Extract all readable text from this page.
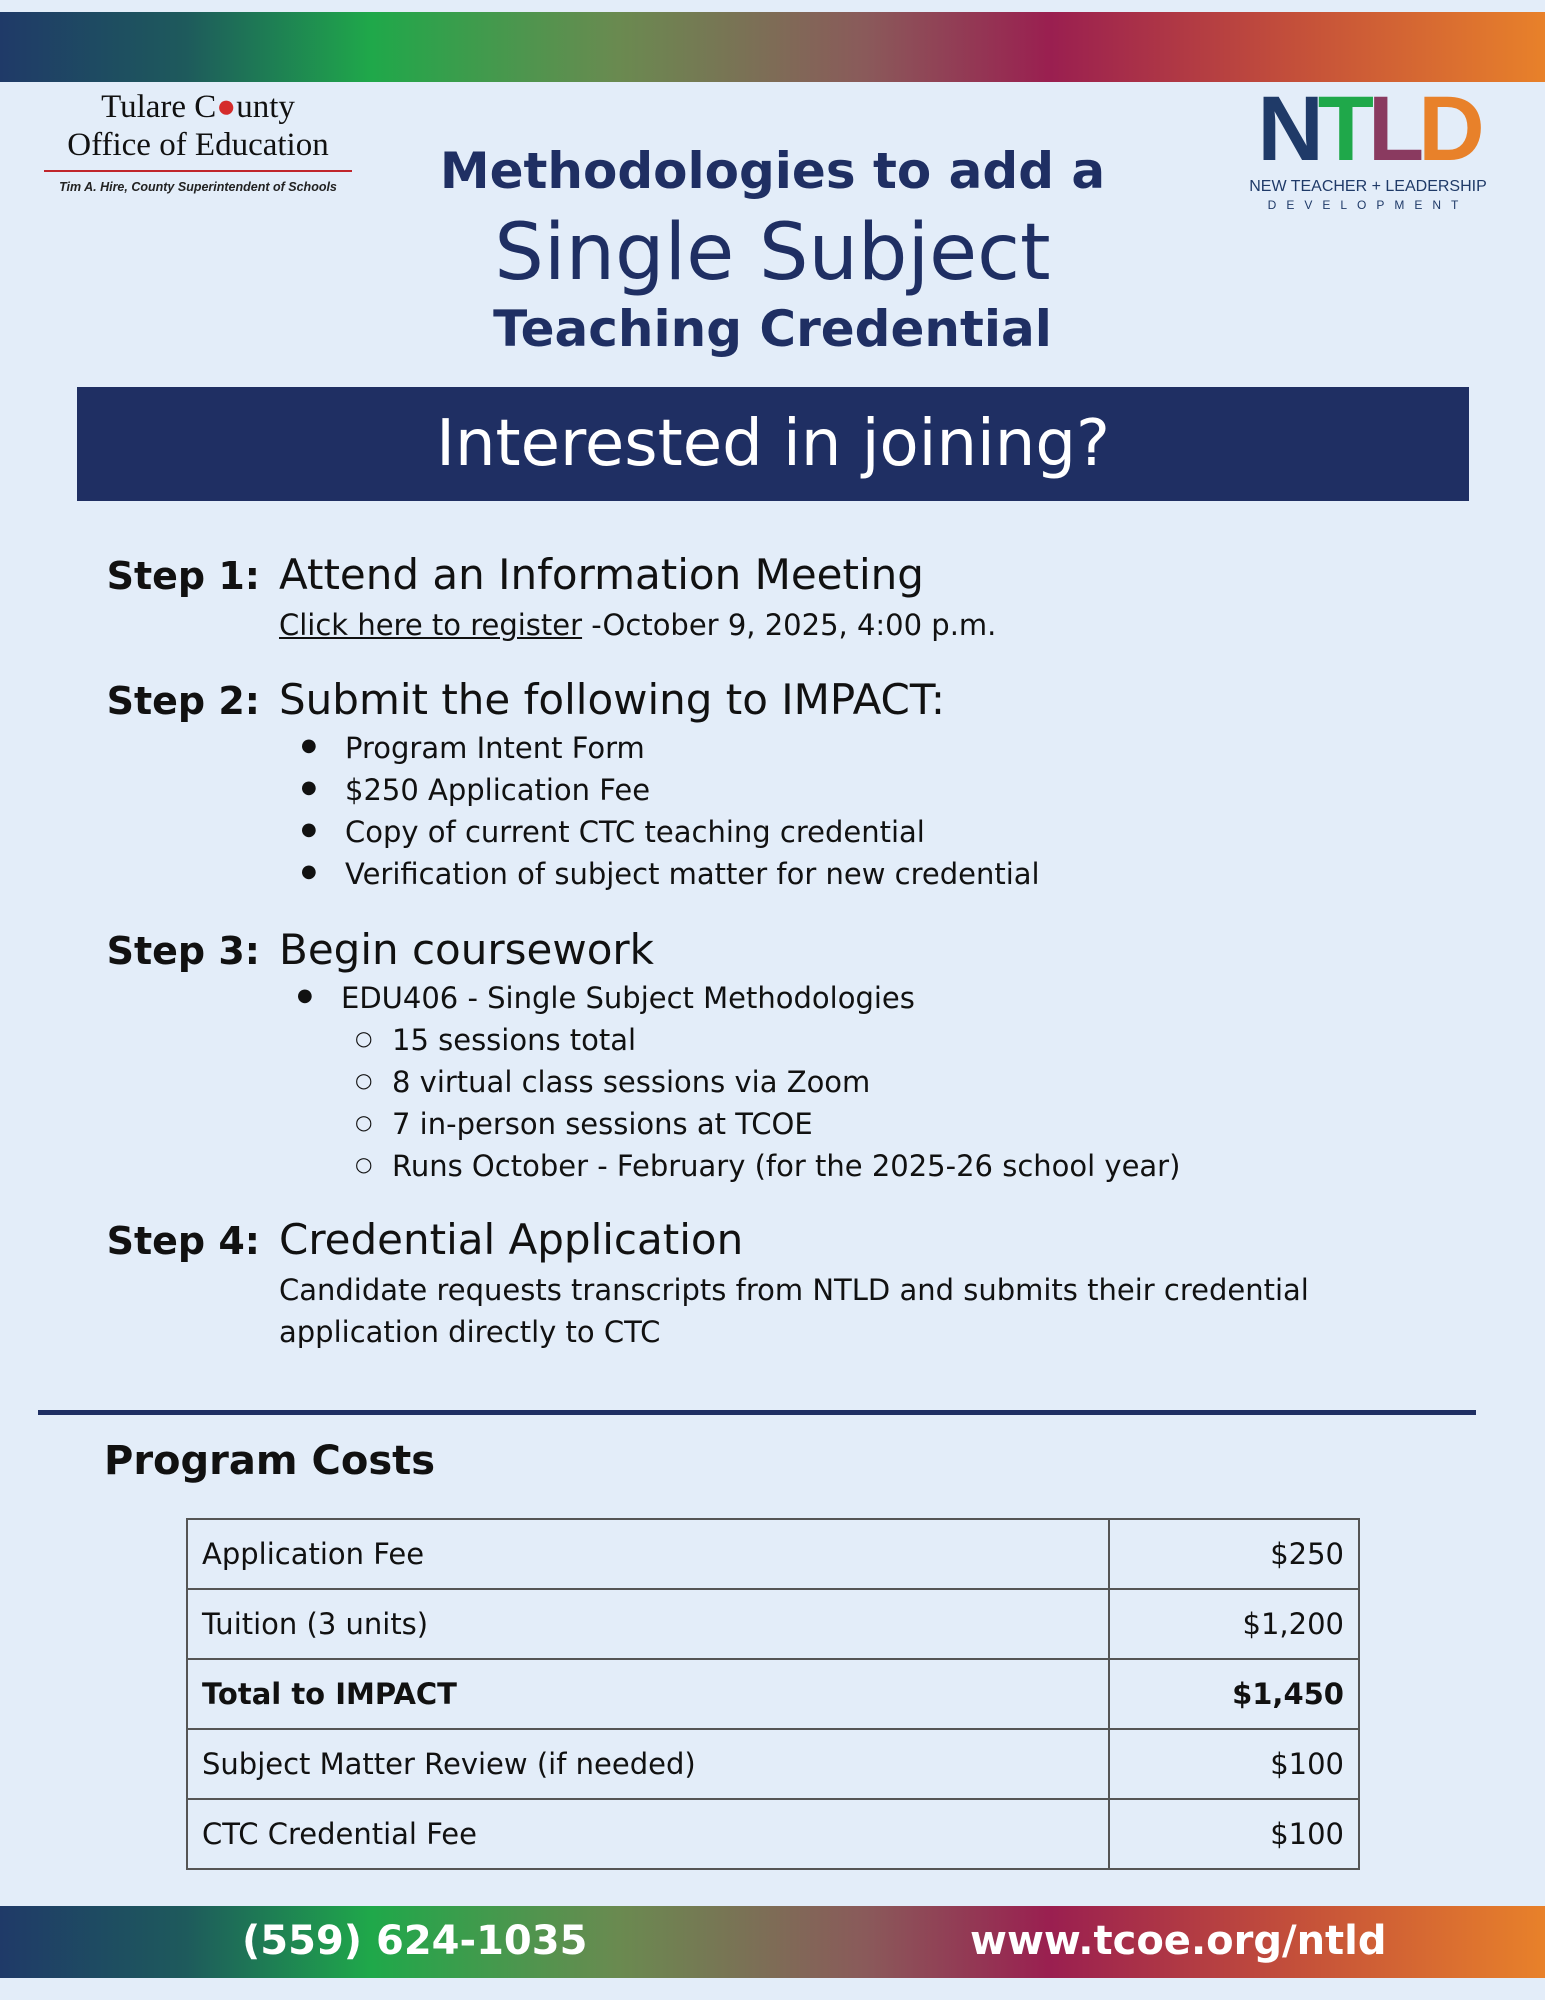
Tulare C●unty
Office of Education
Tim A. Hire, County Superintendent of Schools
NTLD
NEW TEACHER + LEADERSHIP
DEVELOPMENT
Methodologies to add a
Single Subject
Teaching Credential
Interested in joining?
Step 1: Attend an Information Meeting
Click here to register -October 9, 2025, 4:00 p.m.
Step 2: Submit the following to IMPACT:
● Program Intent Form
● $250 Application Fee
● Copy of current CTC teaching credential
● Verification of subject matter for new credential
Step 3: Begin coursework
● EDU406 - Single Subject Methodologies
○ 15 sessions total
○ 8 virtual class sessions via Zoom
○ 7 in-person sessions at TCOE
○ Runs October - February (for the 2025-26 school year)
Step 4: Credential Application
Candidate requests transcripts from NTLD and submits their credential
application directly to CTC
Program Costs
Application Fee	$250
Tuition (3 units)	$1,200
Total to IMPACT	$1,450
Subject Matter Review (if needed)	$100
CTC Credential Fee	$100
(559) 624-1035	www.tcoe.org/ntld
